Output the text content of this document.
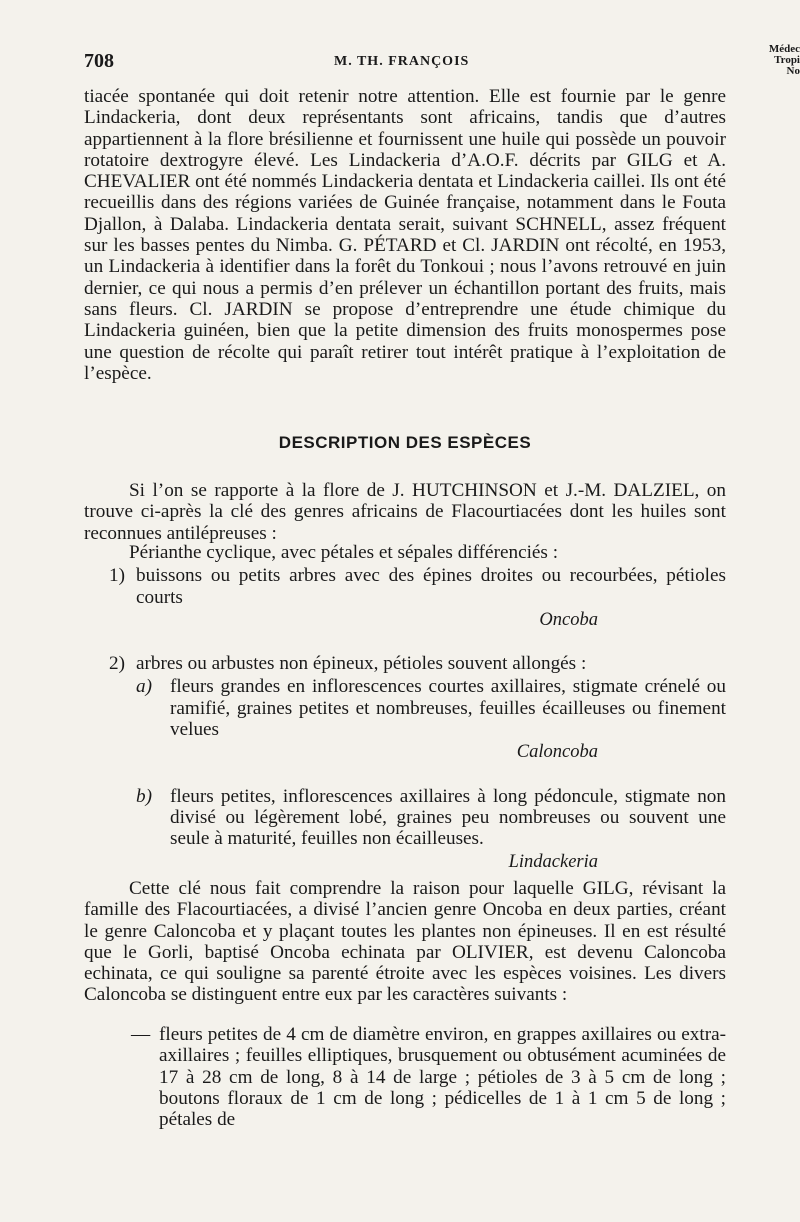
708	M. TH. FRANÇOIS
Médec
Tropi
No

tiacée spontanée qui doit retenir notre attention. Elle est fournie par le genre Lindackeria, dont deux représentants sont africains, tandis que d’autres appartiennent à la flore brésilienne et fournissent une huile qui possède un pouvoir rotatoire dextrogyre élevé. Les Lindackeria d’A.O.F. décrits par GILG et A. CHEVALIER ont été nommés Lindackeria dentata et Lindackeria caillei. Ils ont été recueillis dans des régions variées de Guinée française, notamment dans le Fouta Djallon, à Dalaba. Lindackeria dentata serait, suivant SCHNELL, assez fréquent sur les basses pentes du Nimba. G. PÉTARD et Cl. JARDIN ont récolté, en 1953, un Lindackeria à identifier dans la forêt du Tonkoui ; nous l’avons retrouvé en juin dernier, ce qui nous a permis d’en prélever un échantillon portant des fruits, mais sans fleurs. Cl. JARDIN se propose d’entreprendre une étude chimique du Lindackeria guinéen, bien que la petite dimension des fruits monospermes pose une question de récolte qui paraît retirer tout intérêt pratique à l’exploitation de l’espèce.

DESCRIPTION DES ESPÈCES

Si l’on se rapporte à la flore de J. HUTCHINSON et J.-M. DALZIEL, on trouve ci-après la clé des genres africains de Flacourtiacées dont les huiles sont reconnues antilépreuses :

Périanthe cyclique, avec pétales et sépales différenciés :

1) buissons ou petits arbres avec des épines droites ou recourbées, pétioles courts

Oncoba

2) arbres ou arbustes non épineux, pétioles souvent allongés :

a) fleurs grandes en inflorescences courtes axillaires, stigmate crénelé ou ramifié, graines petites et nombreuses, feuilles écailleuses ou finement velues

Caloncoba

b) fleurs petites, inflorescences axillaires à long pédoncule, stigmate non divisé ou légèrement lobé, graines peu nombreuses ou souvent une seule à maturité, feuilles non écailleuses.

Lindackeria

Cette clé nous fait comprendre la raison pour laquelle GILG, révisant la famille des Flacourtiacées, a divisé l’ancien genre Oncoba en deux parties, créant le genre Caloncoba et y plaçant toutes les plantes non épineuses. Il en est résulté que le Gorli, baptisé Oncoba echinata par OLIVIER, est devenu Caloncoba echinata, ce qui souligne sa parenté étroite avec les espèces voisines. Les divers Caloncoba se distinguent entre eux par les caractères suivants :

— fleurs petites de 4 cm de diamètre environ, en grappes axillaires ou extra-axillaires ; feuilles elliptiques, brusquement ou obtusément acuminées de 17 à 28 cm de long, 8 à 14 de large ; pétioles de 3 à 5 cm de long ; boutons floraux de 1 cm de long ; pédicelles de 1 à 1 cm 5 de long ; pétales de
